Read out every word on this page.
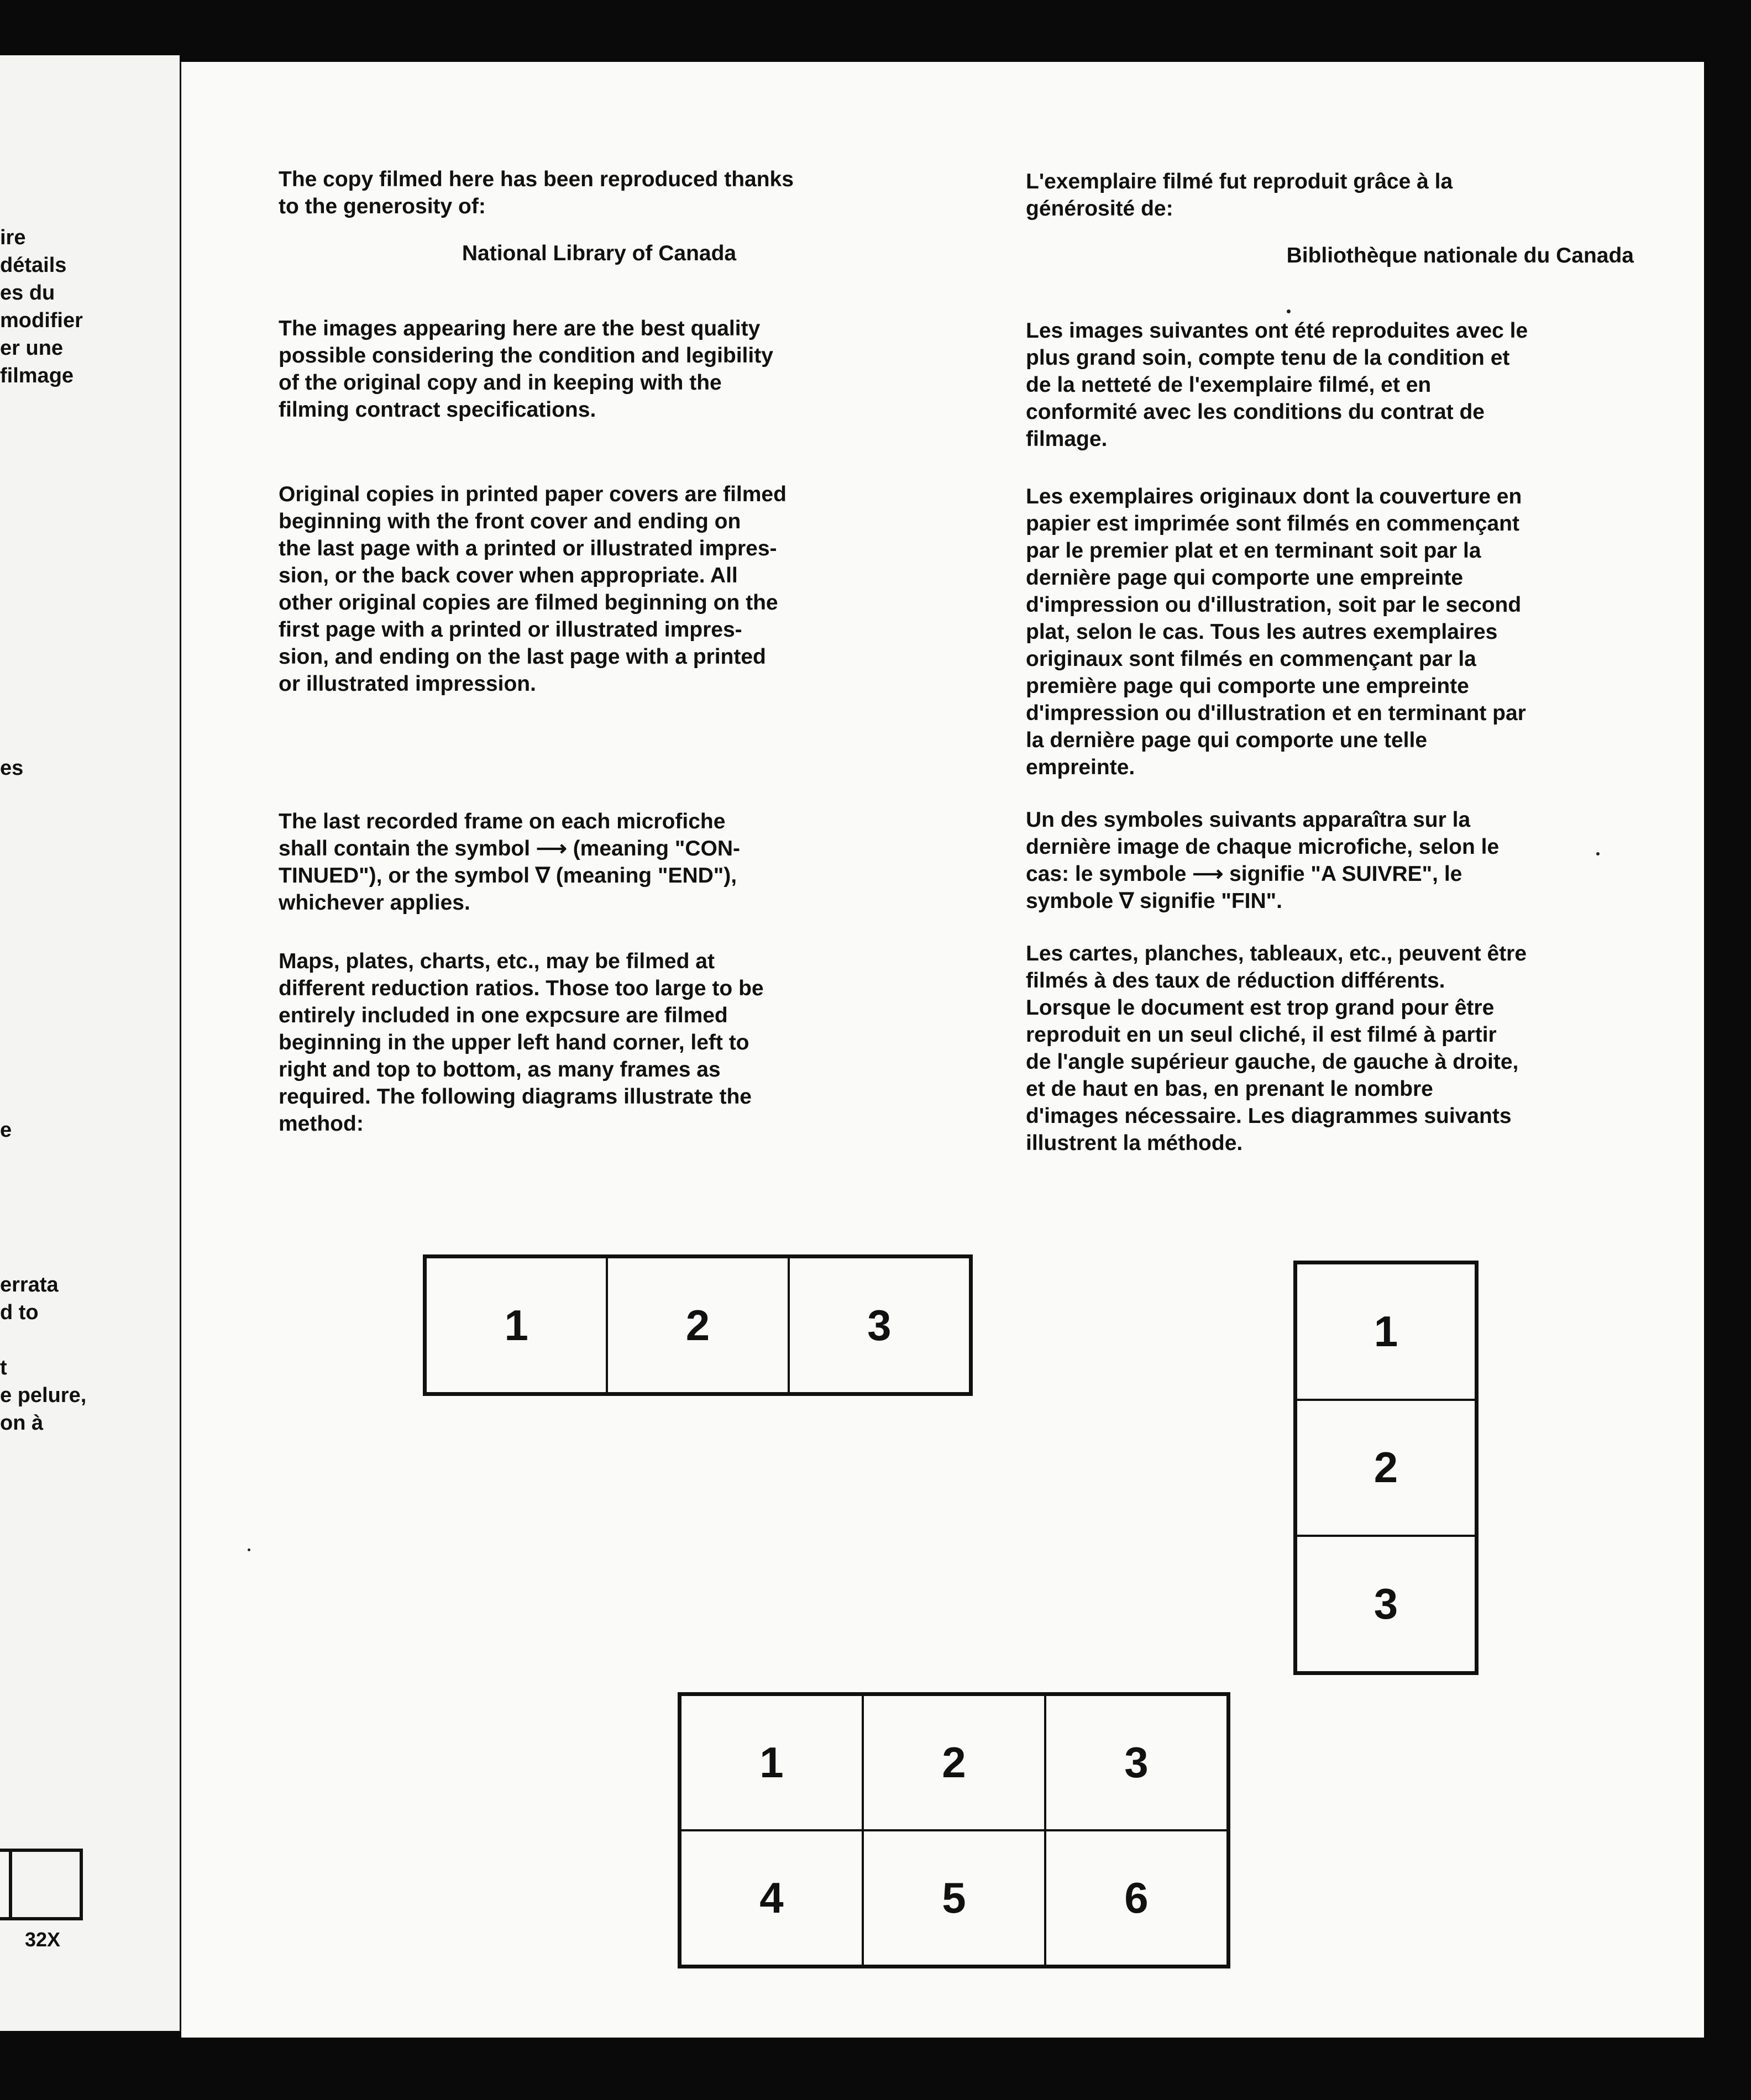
ire
détails
es du
modifier
er une
filmage
es
e
errata
d to
t
e pelure,
on à
32X

The copy filmed here has been reproduced thanks
to the generosity of:

National Library of Canada

The images appearing here are the best quality
possible considering the condition and legibility
of the original copy and in keeping with the
filming contract specifications.

Original copies in printed paper covers are filmed
beginning with the front cover and ending on
the last page with a printed or illustrated impres-
sion, or the back cover when appropriate. All
other original copies are filmed beginning on the
first page with a printed or illustrated impres-
sion, and ending on the last page with a printed
or illustrated impression.

The last recorded frame on each microfiche
shall contain the symbol ⟶ (meaning "CON-
TINUED"), or the symbol ∇ (meaning "END"),
whichever applies.

Maps, plates, charts, etc., may be filmed at
different reduction ratios. Those too large to be
entirely included in one expcsure are filmed
beginning in the upper left hand corner, left to
right and top to bottom, as many frames as
required. The following diagrams illustrate the
method:

L'exemplaire filmé fut reproduit grâce à la
générosité de:

Bibliothèque nationale du Canada

Les images suivantes ont été reproduites avec le
plus grand soin, compte tenu de la condition et
de la netteté de l'exemplaire filmé, et en
conformité avec les conditions du contrat de
filmage.

Les exemplaires originaux dont la couverture en
papier est imprimée sont filmés en commençant
par le premier plat et en terminant soit par la
dernière page qui comporte une empreinte
d'impression ou d'illustration, soit par le second
plat, selon le cas. Tous les autres exemplaires
originaux sont filmés en commençant par la
première page qui comporte une empreinte
d'impression ou d'illustration et en terminant par
la dernière page qui comporte une telle
empreinte.

Un des symboles suivants apparaîtra sur la
dernière image de chaque microfiche, selon le
cas: le symbole ⟶ signifie "A SUIVRE", le
symbole ∇ signifie "FIN".

Les cartes, planches, tableaux, etc., peuvent être
filmés à des taux de réduction différents.
Lorsque le document est trop grand pour être
reproduit en un seul cliché, il est filmé à partir
de l'angle supérieur gauche, de gauche à droite,
et de haut en bas, en prenant le nombre
d'images nécessaire. Les diagrammes suivants
illustrent la méthode.

1	2	3	1
2
3
1	2	3
4	5	6
